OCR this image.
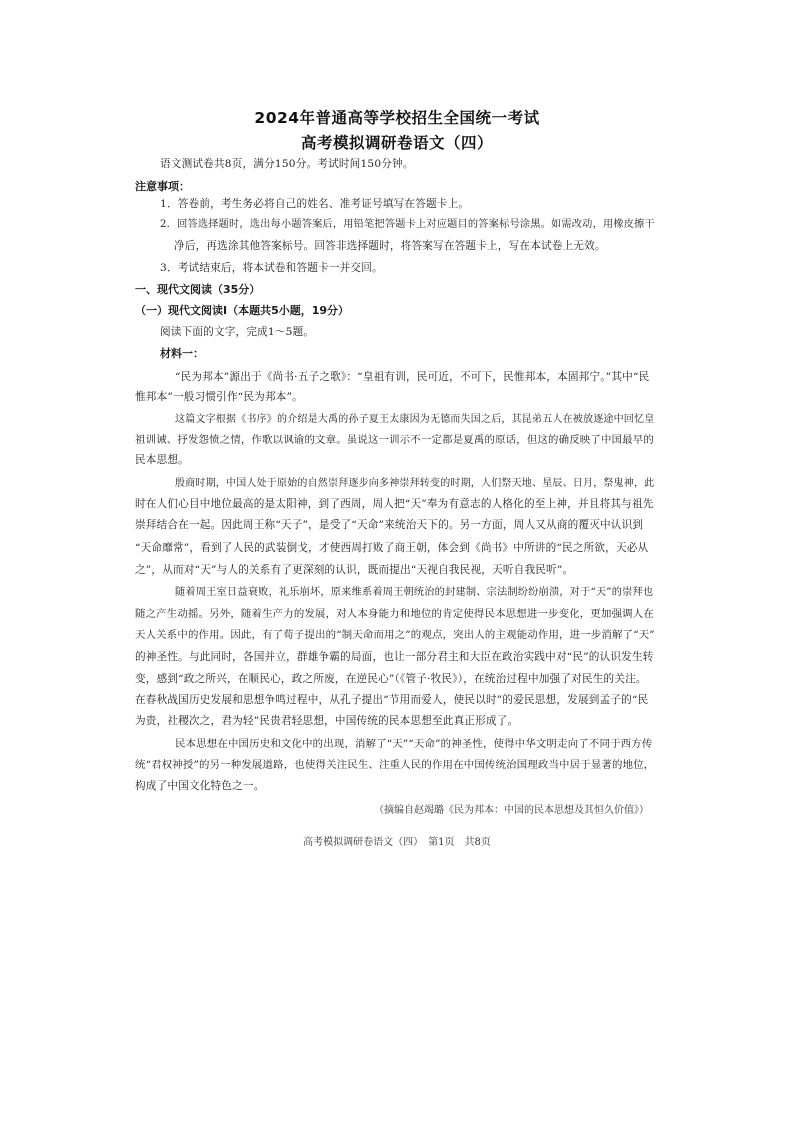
2024年普通高等学校招生全国统一考试
高考模拟调研卷语文（四）

语文测试卷共8页，满分150分。考试时间150分钟。

注意事项：

1．答卷前，考生务必将自己的姓名、准考证号填写在答题卡上。

2．回答选择题时，选出每小题答案后，用铅笔把答题卡上对应题目的答案标号涂黑。如需改动，用橡皮擦干

净后，再选涂其他答案标号。回答非选择题时，将答案写在答题卡上，写在本试卷上无效。

3．考试结束后，将本试卷和答题卡一并交回。

一、现代文阅读（35分）

（一）现代文阅读Ⅰ（本题共5小题，19分）

阅读下面的文字，完成1～5题。

材料一：

“民为邦本”源出于《尚书·五子之歌》：“皇祖有训，民可近，不可下，民惟邦本，本固邦宁。”其中“民

惟邦本”一般习惯引作“民为邦本”。

这篇文字根据《书序》的介绍是大禹的孙子夏王太康因为无德而失国之后，其昆弟五人在被放逐途中回忆皇

祖训诫、抒发怨愤之情，作歌以讽谕的文章。虽说这一训示不一定都是夏禹的原话，但这的确反映了中国最早的

民本思想。

殷商时期，中国人处于原始的自然崇拜逐步向多神崇拜转变的时期，人们祭天地、星辰、日月，祭鬼神，此

时在人们心目中地位最高的是太阳神，到了西周，周人把“天”奉为有意志的人格化的至上神，并且将其与祖先

崇拜结合在一起。因此周王称“天子”，是受了“天命”来统治天下的。另一方面，周人又从商的覆灭中认识到

“天命靡常”，看到了人民的武装倒戈，才使西周打败了商王朝，体会到《尚书》中所讲的“民之所欲，天必从

之”，从而对“天”与人的关系有了更深刻的认识，既而提出“天视自我民视，天听自我民听”。

随着周王室日益衰败，礼乐崩坏，原来维系着周王朝统治的封建制、宗法制纷纷崩溃，对于“天”的崇拜也

随之产生动摇。另外，随着生产力的发展，对人本身能力和地位的肯定使得民本思想进一步变化，更加强调人在

天人关系中的作用。因此，有了荀子提出的“制天命而用之”的观点，突出人的主观能动作用，进一步消解了“天”

的神圣性。与此同时，各国并立，群雄争霸的局面，也让一部分君主和大臣在政治实践中对“民”的认识发生转

变，感到“政之所兴，在顺民心，政之所废，在逆民心”（《管子·牧民》），在统治过程中加强了对民生的关注。

在春秋战国历史发展和思想争鸣过程中，从孔子提出“节用而爱人，使民以时”的爱民思想，发展到孟子的“民

为贵，社稷次之，君为轻”民贵君轻思想，中国传统的民本思想至此真正形成了。

民本思想在中国历史和文化中的出现，消解了“天”“天命”的神圣性，使得中华文明走向了不同于西方传

统“君权神授”的另一种发展道路，也使得关注民生、注重人民的作用在中国传统治国理政当中居于显著的地位，

构成了中国文化特色之一。

（摘编自赵竭璐《民为邦本：中国的民本思想及其恒久价值》）

高考模拟调研卷语文（四）　第1页　共8页
